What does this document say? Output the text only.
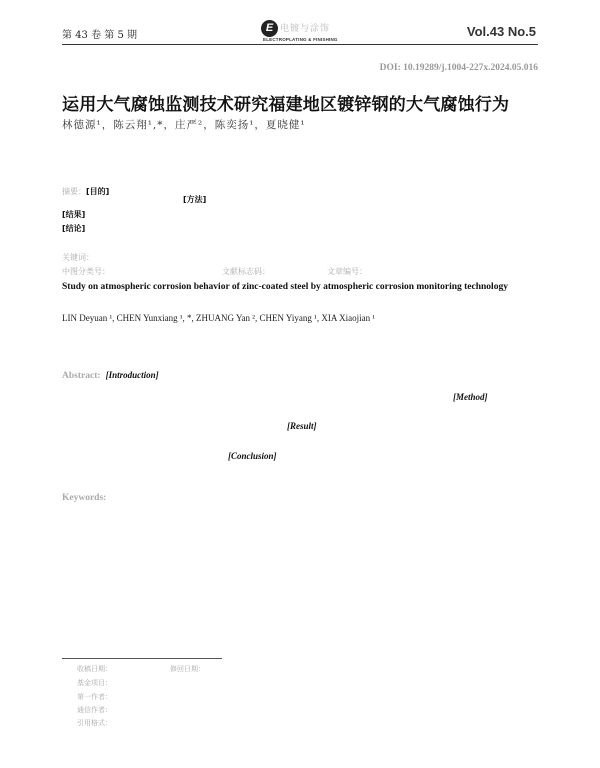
第 43 卷 第 5 期
E 电镀与涂饰
ELECTROPLATING & FINISHING
Vol.43 No.5
DOI: 10.19289/j.1004-227x.2024.05.016
运用大气腐蚀监测技术研究福建地区镀锌钢的大气腐蚀行为
林德源¹，陈云翔¹,*，庄严²，陈奕扬¹，夏晓健¹
摘要：[目的]
[方法]
[结果]
[结论]
关键词：
中图分类号：	文献标志码：	文章编号：
Study on atmospheric corrosion behavior of zinc-coated steel by atmospheric corrosion monitoring technology
LIN Deyuan ¹, CHEN Yunxiang ¹, *, ZHUANG Yan ², CHEN Yiyang ¹, XIA Xiaojian ¹
Abstract: [Introduction]
[Method]
[Result]
[Conclusion]
Keywords:
收稿日期：	修回日期：
基金项目：
第一作者：
通信作者：
引用格式：
